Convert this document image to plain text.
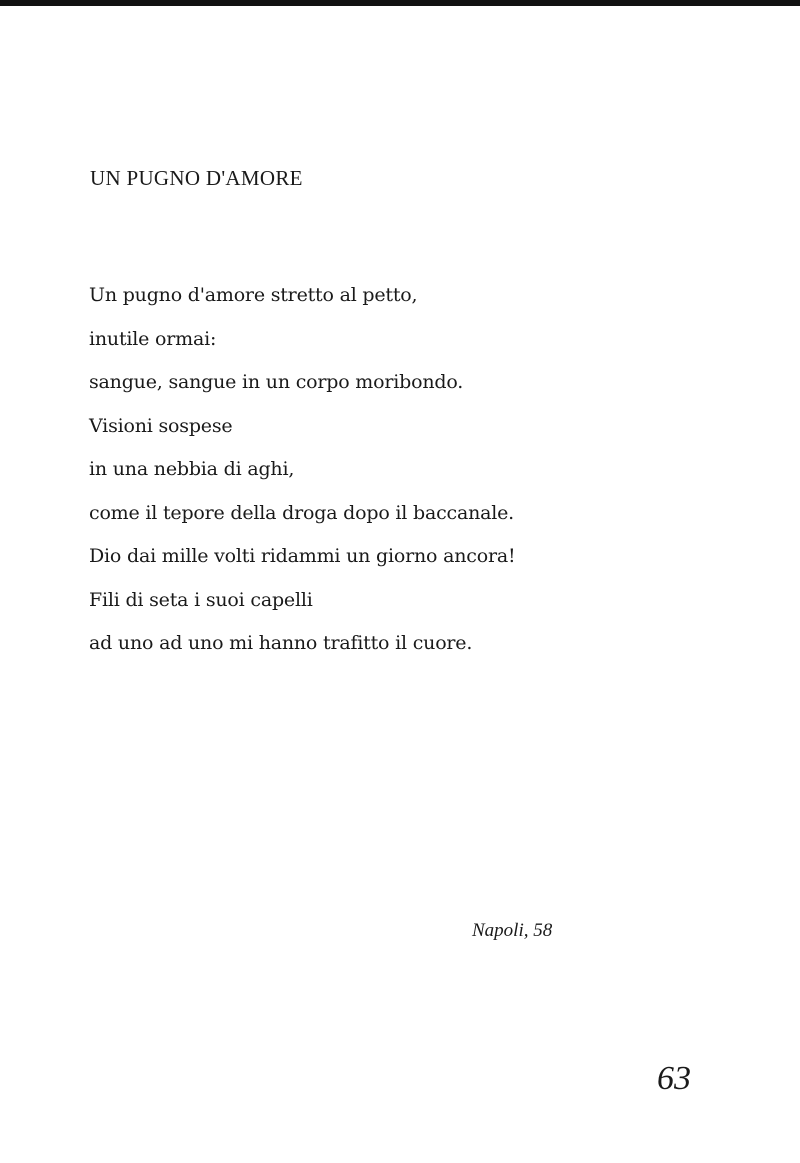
UN PUGNO D'AMORE
Un pugno d'amore stretto al petto,
inutile ormai:
sangue, sangue in un corpo moribondo.
Visioni sospese
in una nebbia di aghi,
come il tepore della droga dopo il baccanale.
Dio dai mille volti ridammi un giorno ancora!
Fili di seta i suoi capelli
ad uno ad uno mi hanno trafitto il cuore.
Napoli, 58
63
